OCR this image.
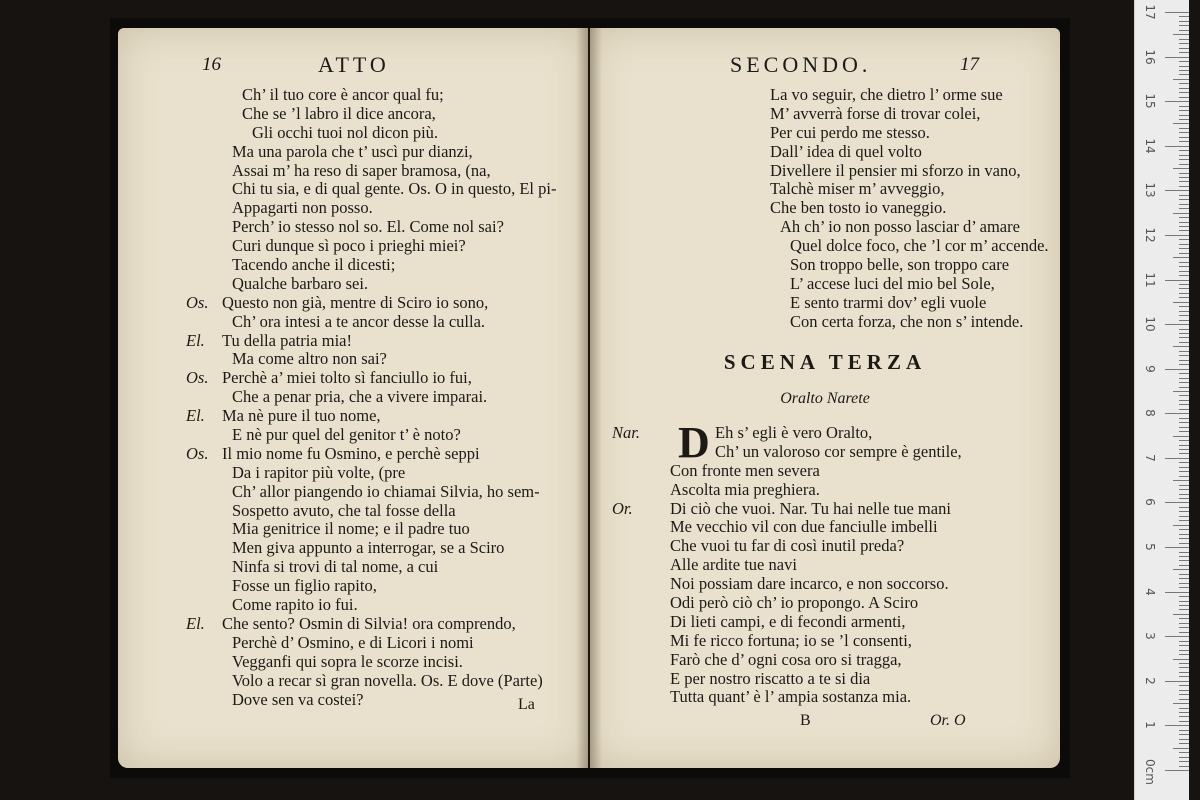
16	ATTO
Ch’ il tuo core è ancor qual fu;
Che se ’l labro il dice ancora,
Gli occhi tuoi nol dicon più.
Ma una parola che t’ uscì pur dianzi,
Assai m’ ha reso di saper bramosa, (na,
Chi tu sia, e di qual gente. Os. O in questo, El pi-
Appagarti non posso.
Perch’ io stesso nol so. El. Come nol sai?
Curi dunque sì poco i prieghi miei?
Tacendo anche il dicesti;
Qualche barbaro sei.
Os. Questo non già, mentre di Sciro io sono,
Ch’ ora intesi a te ancor desse la culla.
El. Tu della patria mia!
Ma come altro non sai?
Os. Perchè a’ miei tolto sì fanciullo io fui,
Che a penar pria, che a vivere imparai.
El. Ma nè pure il tuo nome,
E nè pur quel del genitor t’ è noto?
Os. Il mio nome fu Osmino, e perchè seppi
Da i rapitor più volte, (pre
Ch’ allor piangendo io chiamai Silvia, ho sem-
Sospetto avuto, che tal fosse della
Mia genitrice il nome; e il padre tuo
Men giva appunto a interrogar, se a Sciro
Ninfa si trovi di tal nome, a cui
Fosse un figlio rapito,
Come rapito io fui.
El. Che sento? Osmin di Silvia! ora comprendo,
Perchè d’ Osmino, e di Licori i nomi
Vegganfi qui sopra le scorze incisi.
Volo a recar sì gran novella. Os. E dove (Parte)
Dove sen va costei?	La
SECONDO.	17
La vo seguir, che dietro l’ orme sue
M’ avverrà forse di trovar colei,
Per cui perdo me stesso.
Dall’ idea di quel volto
Divellere il pensier mi sforzo in vano,
Talchè miser m’ avveggio,
Che ben tosto io vaneggio.
Ah ch’ io non posso lasciar d’ amare
Quel dolce foco, che ’l cor m’ accende.
Son troppo belle, son troppo care
L’ accese luci del mio bel Sole,
E sento trarmi dov’ egli vuole
Con certa forza, che non s’ intende.
SCENA TERZA
Oralto Narete
D
Nar.	Eh s’ egli è vero Oralto,
Ch’ un valoroso cor sempre è gentile,
Con fronte men severa
Ascolta mia preghiera.
Or. Di ciò che vuoi. Nar. Tu hai nelle tue mani
Me vecchio vil con due fanciulle imbelli
Che vuoi tu far di così inutil preda?
Alle ardite tue navi
Noi possiam dare incarco, e non soccorso.
Odi però ciò ch’ io propongo. A Sciro
Di lieti campi, e di fecondi armenti,
Mi fe ricco fortuna; io se ’l consenti,
Farò che d’ ogni cosa oro si tragga,
E per nostro riscatto a te si dia
Tutta quant’ è l’ ampia sostanza mia.
B	Or. O
0cm
1
2
3
4
5
6
7
8
9
10
11
12
13
14
15
16
17
